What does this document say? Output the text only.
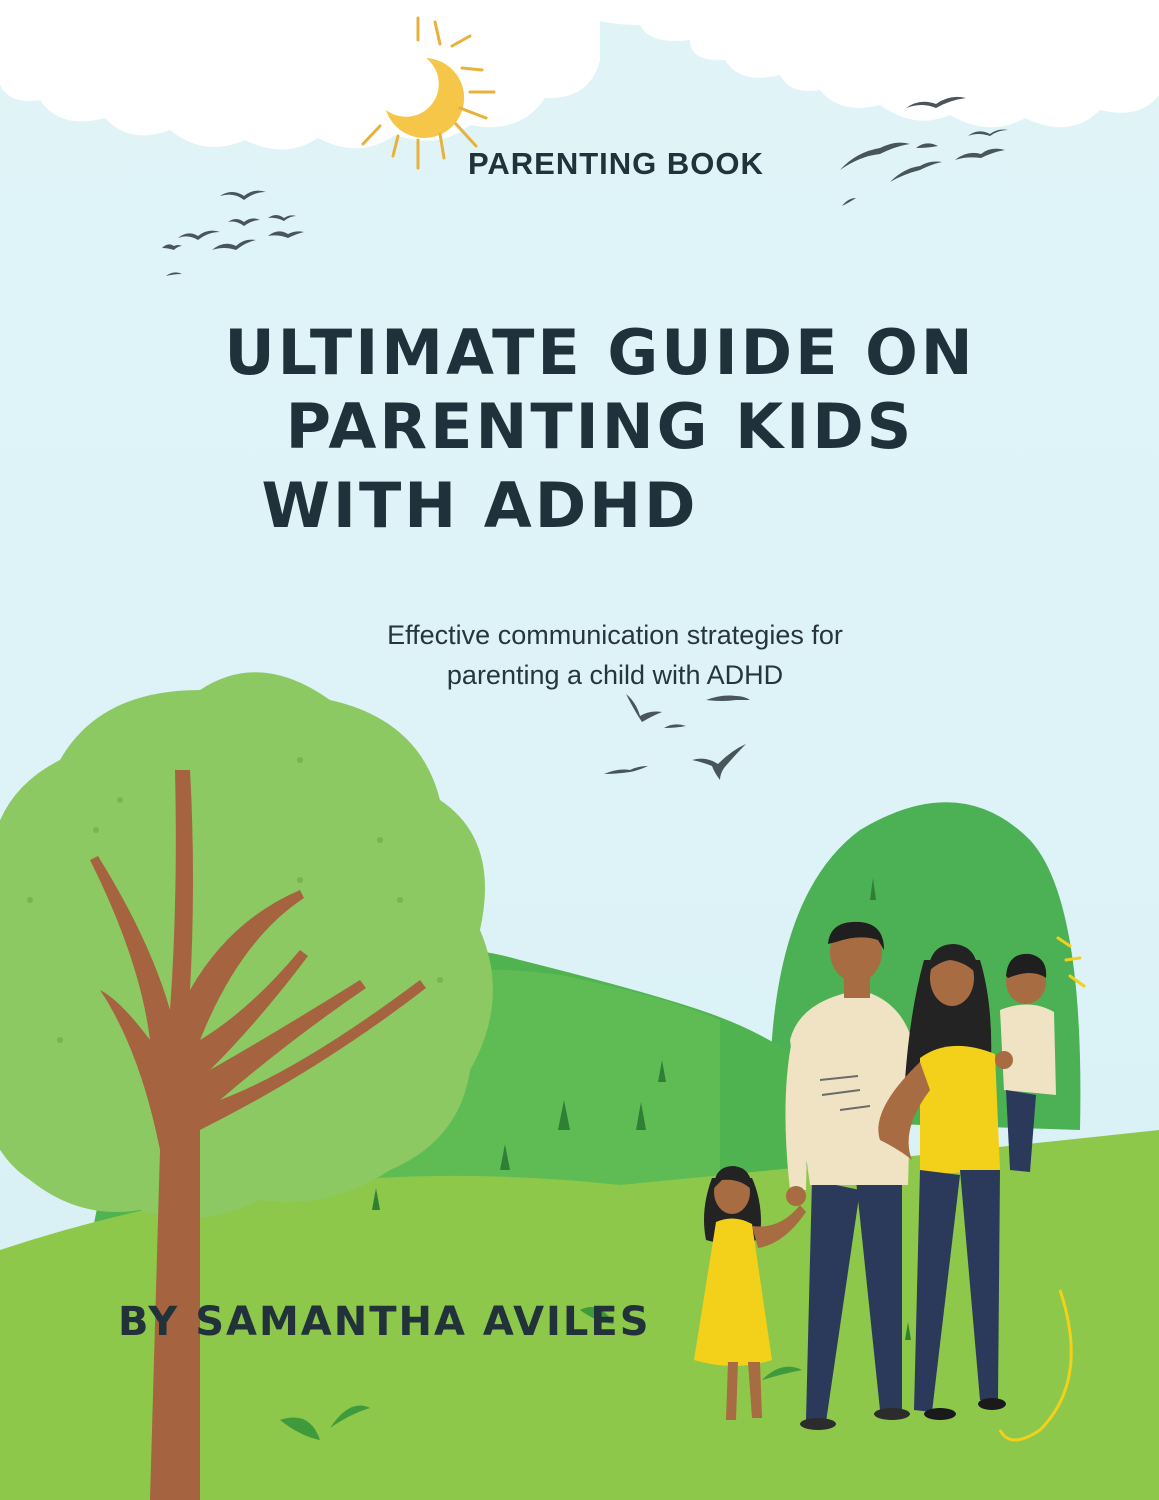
PARENTING BOOK
ULTIMATE GUIDE ON
PARENTING KIDS
WITH ADHD
Effective communication strategies for
parenting a child with ADHD
BY SAMANTHA AVILES
